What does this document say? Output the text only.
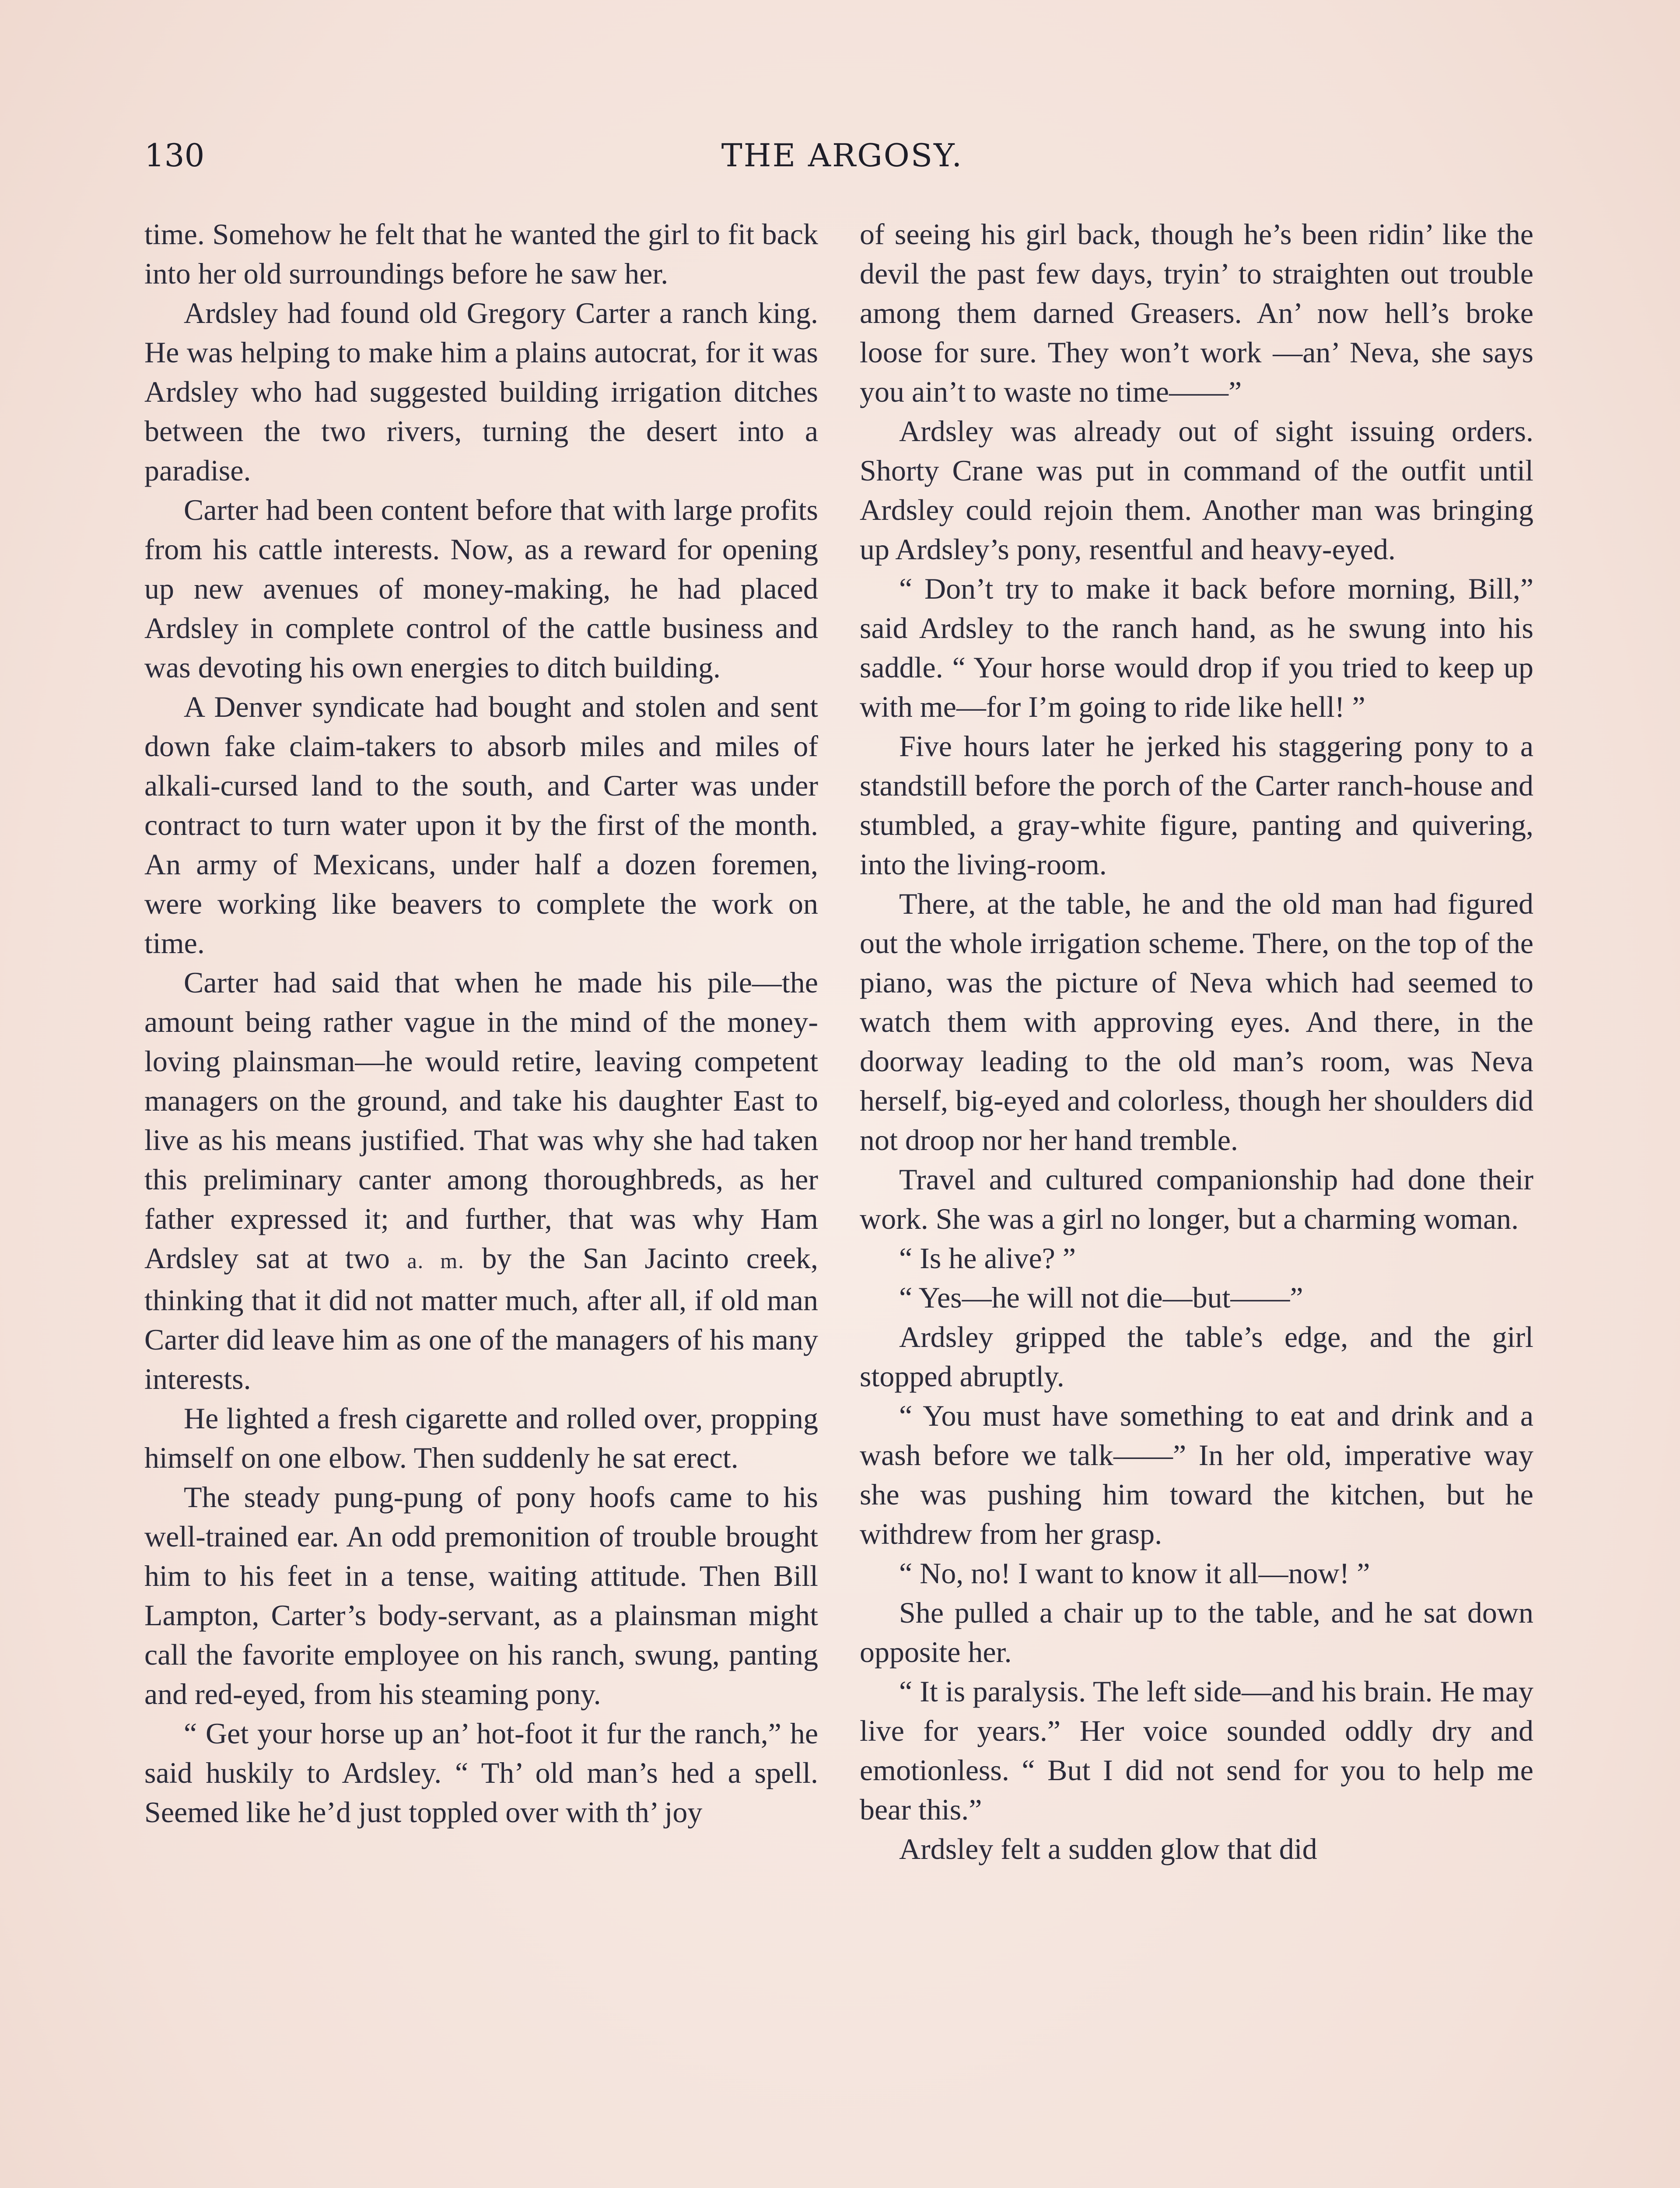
130	THE ARGOSY.

time. Somehow he felt that he wanted the girl to fit back into her old surroundings before he saw her.

Ardsley had found old Gregory Carter a ranch king. He was helping to make him a plains autocrat, for it was Ardsley who had suggested building irrigation ditches between the two rivers, turning the desert into a paradise.

Carter had been content before that with large profits from his cattle interests. Now, as a reward for opening up new avenues of money-making, he had placed Ardsley in complete control of the cattle business and was devoting his own energies to ditch building.

A Denver syndicate had bought and stolen and sent down fake claim-takers to absorb miles and miles of alkali-cursed land to the south, and Carter was under contract to turn water upon it by the first of the month. An army of Mexicans, under half a dozen foremen, were working like beavers to complete the work on time.

Carter had said that when he made his pile—the amount being rather vague in the mind of the money-loving plainsman—he would retire, leaving competent managers on the ground, and take his daughter East to live as his means justified. That was why she had taken this preliminary canter among thoroughbreds, as her father expressed it; and further, that was why Ham Ardsley sat at two a. m. by the San Jacinto creek, thinking that it did not matter much, after all, if old man Carter did leave him as one of the managers of his many interests.

He lighted a fresh cigarette and rolled over, propping himself on one elbow. Then suddenly he sat erect.

The steady pung-pung of pony hoofs came to his well-trained ear. An odd premonition of trouble brought him to his feet in a tense, waiting attitude. Then Bill Lampton, Carter’s body-servant, as a plainsman might call the favorite employee on his ranch, swung, panting and red-eyed, from his steaming pony.

“ Get your horse up an’ hot-foot it fur the ranch,” he said huskily to Ardsley. “ Th’ old man’s hed a spell. Seemed like he’d just toppled over with th’ joy

of seeing his girl back, though he’s been ridin’ like the devil the past few days, tryin’ to straighten out trouble among them darned Greasers. An’ now hell’s broke loose for sure. They won’t work —an’ Neva, she says you ain’t to waste no time——”

Ardsley was already out of sight issuing orders. Shorty Crane was put in command of the outfit until Ardsley could rejoin them. Another man was bringing up Ardsley’s pony, resentful and heavy-eyed.

“ Don’t try to make it back before morning, Bill,” said Ardsley to the ranch hand, as he swung into his saddle. “ Your horse would drop if you tried to keep up with me—for I’m going to ride like hell! ”

Five hours later he jerked his staggering pony to a standstill before the porch of the Carter ranch-house and stumbled, a gray-white figure, panting and quivering, into the living-room.

There, at the table, he and the old man had figured out the whole irrigation scheme. There, on the top of the piano, was the picture of Neva which had seemed to watch them with approving eyes. And there, in the doorway leading to the old man’s room, was Neva herself, big-eyed and colorless, though her shoulders did not droop nor her hand tremble.

Travel and cultured companionship had done their work. She was a girl no longer, but a charming woman.

“ Is he alive? ”

“ Yes—he will not die—but——”

Ardsley gripped the table’s edge, and the girl stopped abruptly.

“ You must have something to eat and drink and a wash before we talk——” In her old, imperative way she was pushing him toward the kitchen, but he withdrew from her grasp.

“ No, no! I want to know it all—now! ”

She pulled a chair up to the table, and he sat down opposite her.

“ It is paralysis. The left side—and his brain. He may live for years.” Her voice sounded oddly dry and emotionless. “ But I did not send for you to help me bear this.”

Ardsley felt a sudden glow that did
